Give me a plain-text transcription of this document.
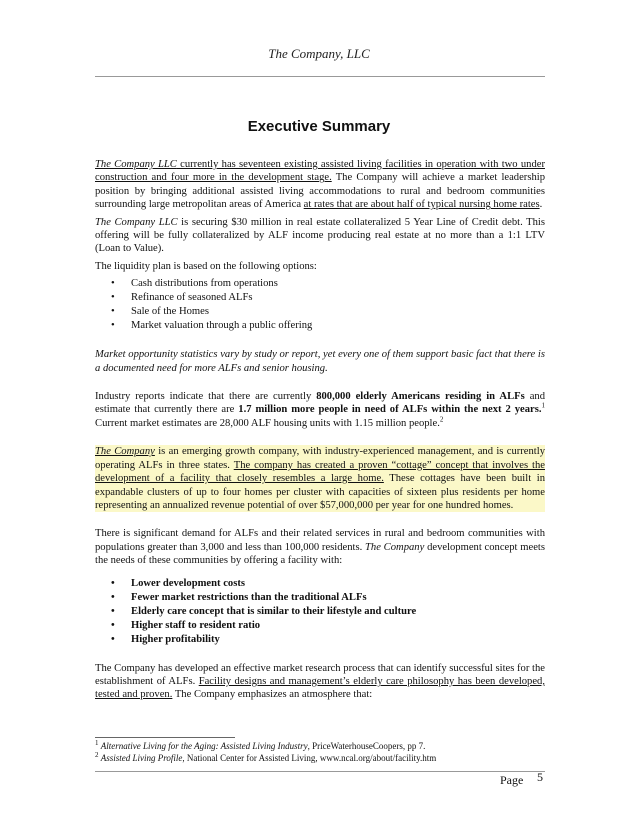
The Company, LLC
Executive Summary

The Company LLC currently has seventeen existing assisted living facilities in operation with two under construction and four more in the development stage. The Company will achieve a market leadership position by bringing additional assisted living accommodations to rural and bedroom communities surrounding large metropolitan areas of America at rates that are about half of typical nursing home rates.

The Company LLC is securing $30 million in real estate collateralized 5 Year Line of Credit debt. This offering will be fully collateralized by ALF income producing real estate at no more than a 1:1 LTV (Loan to Value).

The liquidity plan is based on the following options:

• Cash distributions from operations
• Refinance of seasoned ALFs
• Sale of the Homes
• Market valuation through a public offering

Market opportunity statistics vary by study or report, yet every one of them support basic fact that there is a documented need for more ALFs and senior housing.

Industry reports indicate that there are currently 800,000 elderly Americans residing in ALFs and estimate that currently there are 1.7 million more people in need of ALFs within the next 2 years.$^1$ Current market estimates are 28,000 ALF housing units with 1.15 million people.$^2$

The Company is an emerging growth company, with industry-experienced management, and is currently operating ALFs in three states. The company has created a proven “cottage” concept that involves the development of a facility that closely resembles a large home. These cottages have been built in expandable clusters of up to four homes per cluster with capacities of sixteen plus residents per home representing an annualized revenue potential of over $57,000,000 per year for one hundred homes.

There is significant demand for ALFs and their related services in rural and bedroom communities with populations greater than 3,000 and less than 100,000 residents. The Company development concept meets the needs of these communities by offering a facility with:

• Lower development costs
• Fewer market restrictions than the traditional ALFs
• Elderly care concept that is similar to their lifestyle and culture
• Higher staff to resident ratio
• Higher profitability

The Company has developed an effective market research process that can identify successful sites for the establishment of ALFs. Facility designs and management’s elderly care philosophy has been developed, tested and proven. The Company emphasizes an atmosphere that:

$^1$ Alternative Living for the Aging: Assisted Living Industry, PriceWaterhouseCoopers, pp 7.

$^2$ Assisted Living Profile, National Center for Assisted Living, www.ncal.org/about/facility.htm

Page 5
